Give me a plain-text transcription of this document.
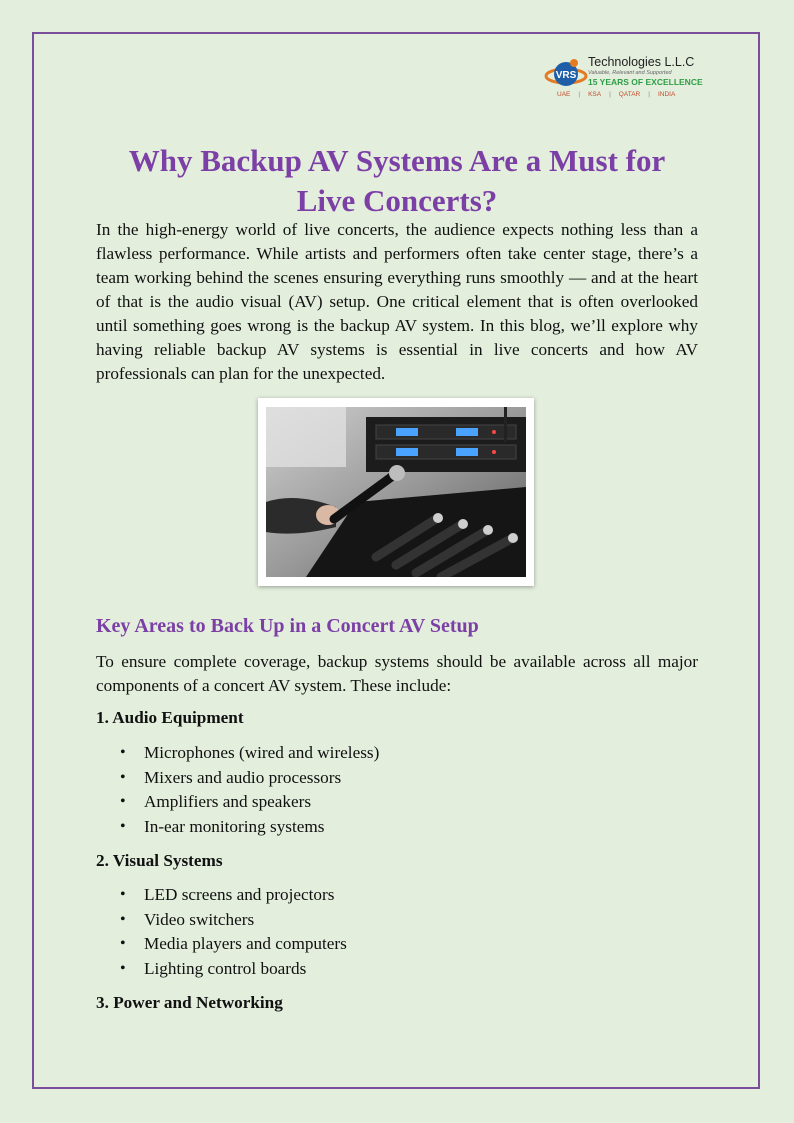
VRS
Technologies L.L.C
Valuable, Relevant and Supported
15 YEARS OF EXCELLENCE
UAE | KSA | QATAR | INDIA
Why Backup AV Systems Are a Must for Live Concerts?

In the high-energy world of live concerts, the audience expects nothing less than a flawless performance. While artists and performers often take center stage, there’s a team working behind the scenes ensuring everything runs smoothly — and at the heart of that is the audio visual (AV) setup. One critical element that is often overlooked until something goes wrong is the backup AV system. In this blog, we’ll explore why having reliable backup AV systems is essential in live concerts and how AV professionals can plan for the unexpected.

Key Areas to Back Up in a Concert AV Setup

To ensure complete coverage, backup systems should be available across all major components of a concert AV system. These include:

1. Audio Equipment
• Microphones (wired and wireless)
• Mixers and audio processors
• Amplifiers and speakers
• In-ear monitoring systems
2. Visual Systems
• LED screens and projectors
• Video switchers
• Media players and computers
• Lighting control boards
3. Power and Networking
